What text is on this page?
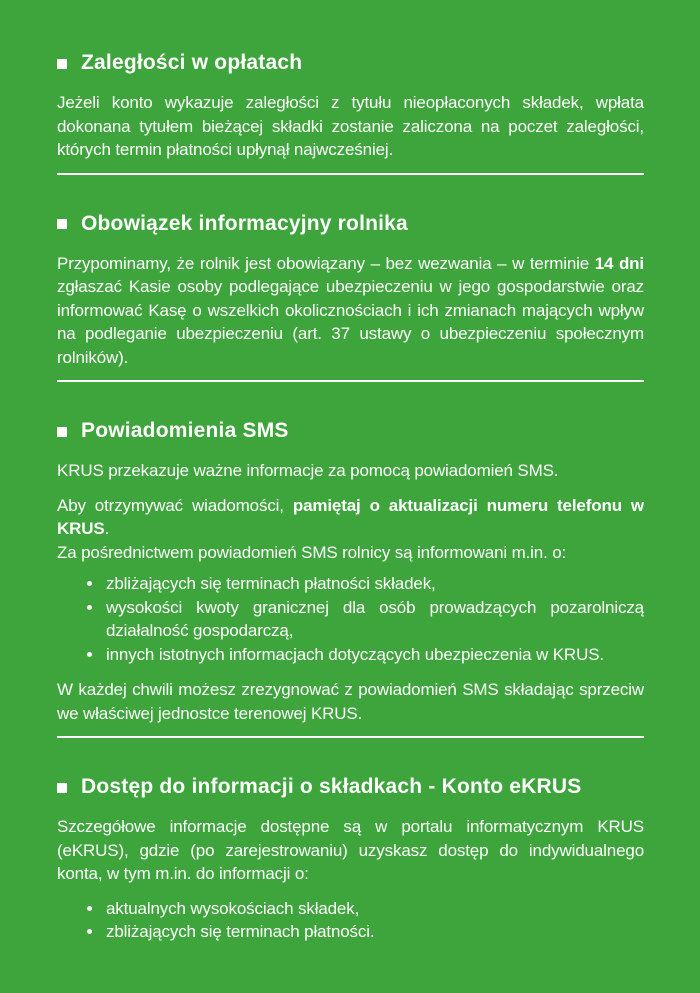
Zaległości w opłatach

Jeżeli konto wykazuje zaległości z tytułu nieopłaconych składek, wpłata dokonana tytułem bieżącej składki zostanie zaliczona na poczet zaległości, których termin płatności upłynął najwcześniej.

Obowiązek informacyjny rolnika

Przypominamy, że rolnik jest obowiązany – bez wezwania – w terminie 14 dni zgłaszać Kasie osoby podlegające ubezpieczeniu w jego gospodarstwie oraz informować Kasę o wszelkich okolicznościach i ich zmianach mających wpływ na podleganie ubezpieczeniu (art. 37 ustawy o ubezpieczeniu społecznym rolników).

Powiadomienia SMS

KRUS przekazuje ważne informacje za pomocą powiadomień SMS.

Aby otrzymywać wiadomości, pamiętaj o aktualizacji numeru telefonu w KRUS.

Za pośrednictwem powiadomień SMS rolnicy są informowani m.in. o:

• zbliżających się terminach płatności składek,
• wysokości kwoty granicznej dla osób prowadzących pozarolniczą działalność gospodarczą,
• innych istotnych informacjach dotyczących ubezpieczenia w KRUS.

W każdej chwili możesz zrezygnować z powiadomień SMS składając sprzeciw we właściwej jednostce terenowej KRUS.

Dostęp do informacji o składkach - Konto eKRUS

Szczegółowe informacje dostępne są w portalu informatycznym KRUS (eKRUS), gdzie (po zarejestrowaniu) uzyskasz dostęp do indywidualnego konta, w tym m.in. do informacji o:

• aktualnych wysokościach składek,
• zbliżających się terminach płatności.
